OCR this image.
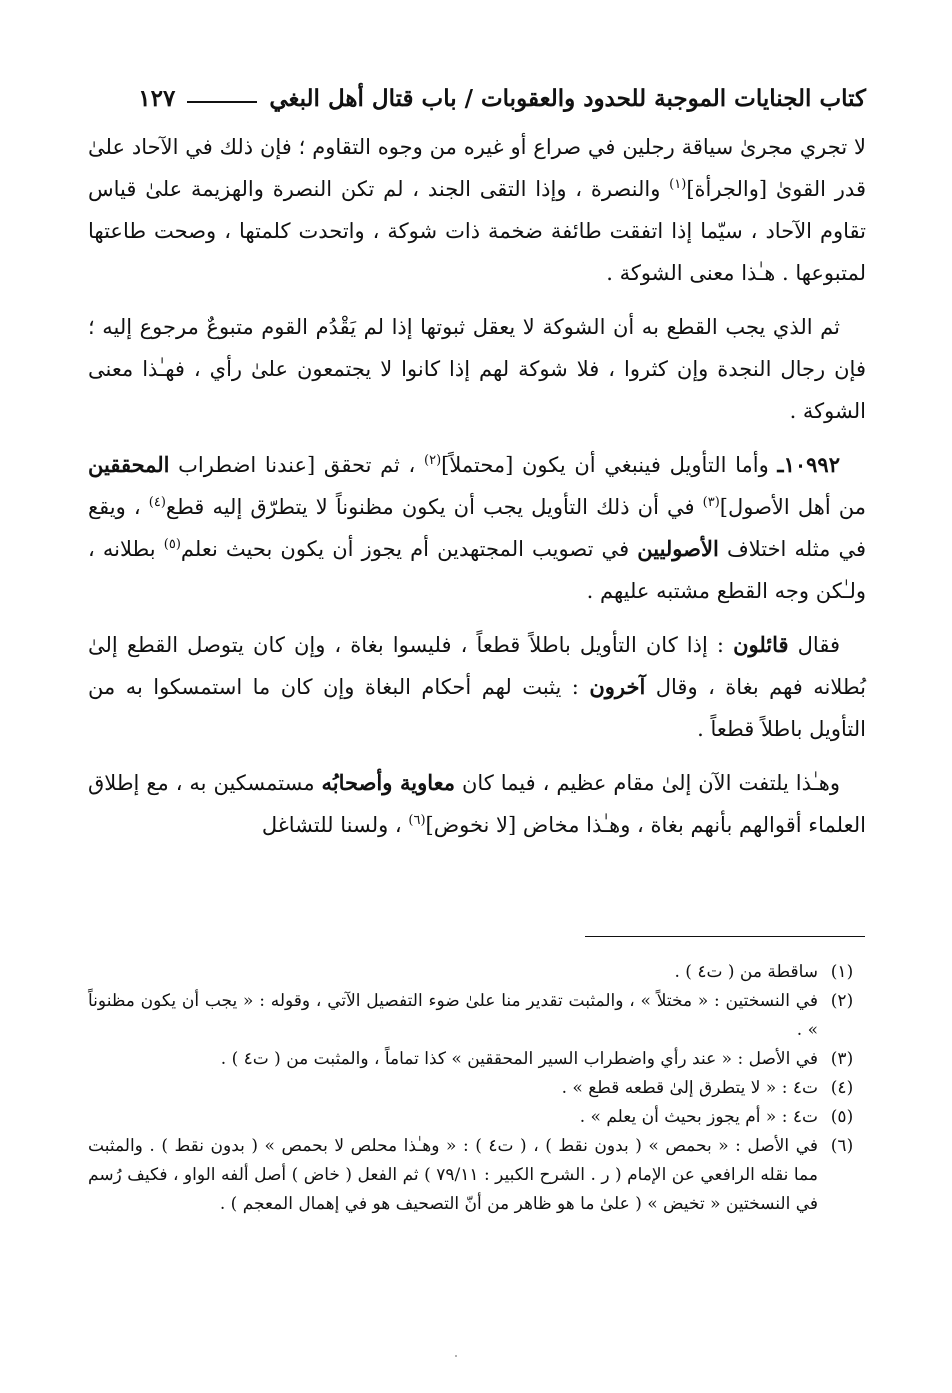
كتاب الجنايات الموجبة للحدود والعقوبات / باب قتال أهل البغي
١٢٧

لا تجري مجرىٰ سياقة رجلين في صراع أو غيره من وجوه التقاوم ؛ فإن ذلك في الآحاد علىٰ قدر القوىٰ [والجرأة]$^{(١)}$ والنصرة ، وإذا التقى الجند ، لم تكن النصرة والهزيمة علىٰ قياس تقاوم الآحاد ، سيّما إذا اتفقت طائفة ضخمة ذات شوكة ، واتحدت كلمتها ، وصحت طاعتها لمتبوعها . هـٰذا معنى الشوكة .

ثم الذي يجب القطع به أن الشوكة لا يعقل ثبوتها إذا لم يَقْدُم القوم متبوعٌ مرجوع إليه ؛ فإن رجال النجدة وإن كثروا ، فلا شوكة لهم إذا كانوا لا يجتمعون علىٰ رأي ، فهـٰذا معنى الشوكة .

١٠٩٩٢ـ وأما التأويل فينبغي أن يكون [محتملاً]$^{(٢)}$ ، ثم تحقق [عندنا اضطراب المحققين من أهل الأصول]$^{(٣)}$ في أن ذلك التأويل يجب أن يكون مظنوناً لا يتطرّق إليه قطع$^{(٤)}$ ، ويقع في مثله اختلاف الأصوليين في تصويب المجتهدين أم يجوز أن يكون بحيث نعلم$^{(٥)}$ بطلانه ، ولـٰكن وجه القطع مشتبه عليهم .

فقال قائلون : إذا كان التأويل باطلاً قطعاً ، فليسوا بغاة ، وإن كان يتوصل القطع إلىٰ بُطلانه فهم بغاة ، وقال آخرون : يثبت لهم أحكام البغاة وإن كان ما استمسكوا به من التأويل باطلاً قطعاً .

وهـٰذا يلتفت الآن إلىٰ مقام عظيم ، فيما كان معاوية وأصحابُه مستمسكين به ، مع إطلاق العلماء أقوالهم بأنهم بغاة ، وهـٰذا مخاض [لا نخوض]$^{(٦)}$ ، ولسنا للتشاغل

(١)
ساقطة من ( ت٤ ) .
(٢)
في النسختين : « مختلاً » ، والمثبت تقدير منا علىٰ ضوء التفصيل الآتي ، وقوله : « يجب أن يكون مظنوناً » .
(٣)
في الأصل : « عند رأي واضطراب السير المحققين » كذا تماماً ، والمثبت من ( ت٤ ) .
(٤)
ت٤ : « لا يتطرق إلىٰ قطعه قطع » .
(٥)
ت٤ : « أم يجوز بحيث أن يعلم » .
(٦)
في الأصل : « بحمص » ( بدون نقط ) ، ( ت٤ ) : « وهـٰذا محلص لا بحمص » ( بدون نقط ) . والمثبت مما نقله الرافعي عن الإمام ( ر . الشرح الكبير : ٧٩/١١ ) ثم الفعل ( خاض ) أصل ألفه الواو ، فكيف رُسم في النسختين « تخيض » ( علىٰ ما هو ظاهر من أنّ التصحيف هو في إهمال المعجم ) .
